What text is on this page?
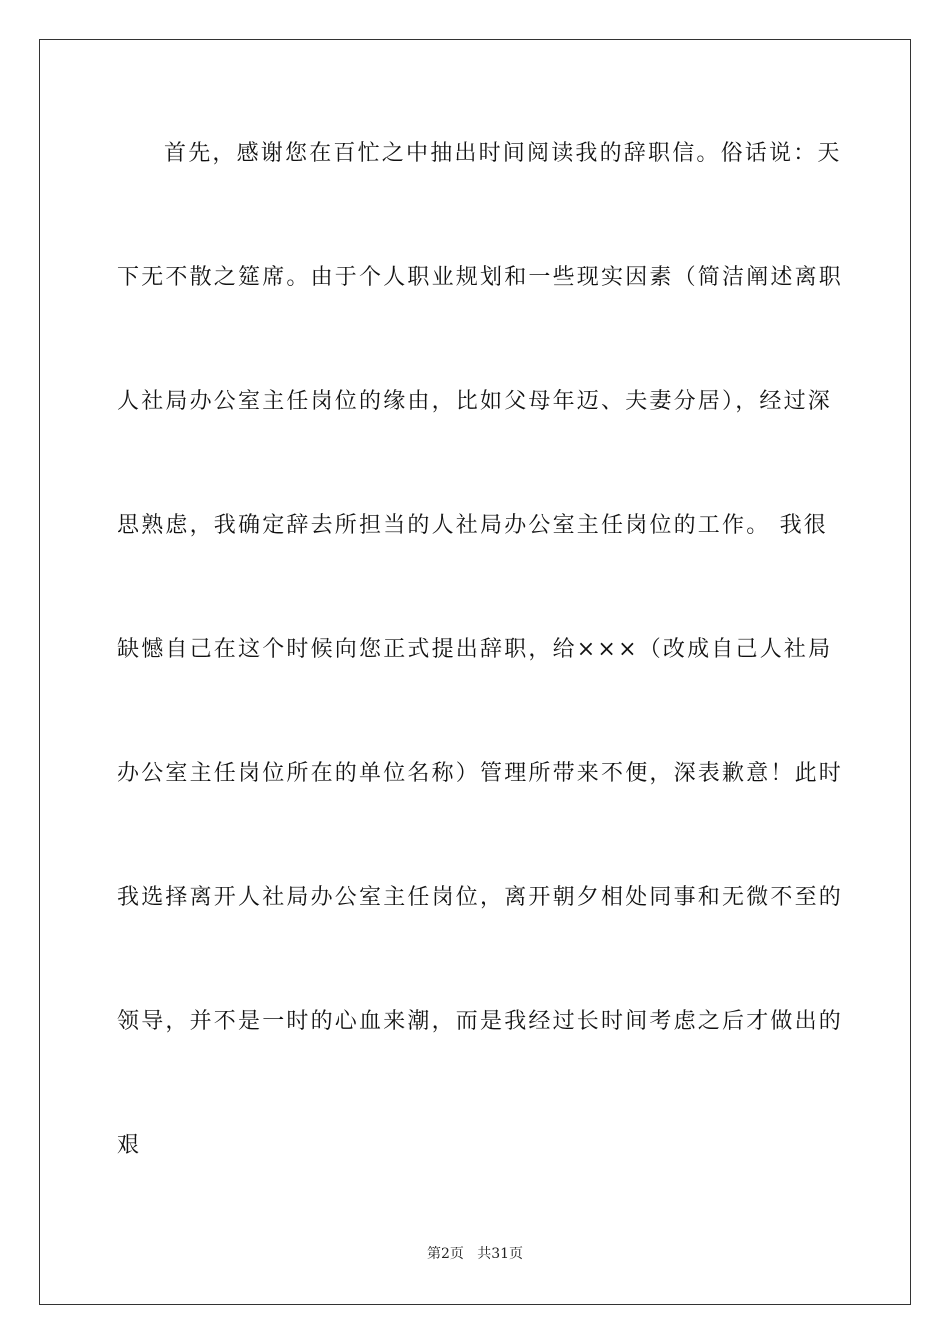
首先，感谢您在百忙之中抽出时间阅读我的辞职信。俗话说：天
下无不散之筵席。由于个人职业规划和一些现实因素（简洁阐述离职
人社局办公室主任岗位的缘由，比如父母年迈、夫妻分居），经过深
思熟虑，我确定辞去所担当的人社局办公室主任岗位的工作。 我很
缺憾自己在这个时候向您正式提出辞职，给×××（改成自己人社局
办公室主任岗位所在的单位名称）管理所带来不便，深表歉意！此时
我选择离开人社局办公室主任岗位，离开朝夕相处同事和无微不至的
领导，并不是一时的心血来潮，而是我经过长时间考虑之后才做出的
艰
第2页   共31页
